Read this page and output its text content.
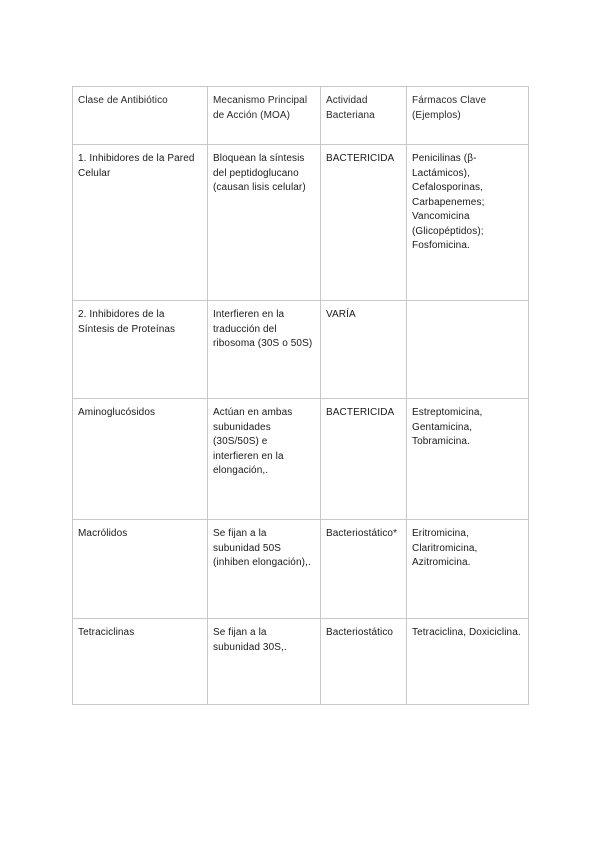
Clase de Antibiótico	Mecanismo Principal de Acción (MOA)	Actividad Bacteriana	Fármacos Clave (Ejemplos)
1. Inhibidores de la Pared Celular	Bloquean la síntesis del peptidoglucano (causan lisis celular)	BACTERICIDA	Penicilinas (β-Lactámicos), Cefalosporinas, Carbapenemes; Vancomicina (Glicopéptidos); Fosfomicina.
2. Inhibidores de la Síntesis de Proteínas	Interfieren en la traducción del ribosoma (30S o 50S)	VARÍA	
Aminoglucósidos	Actúan en ambas subunidades (30S/50S) e interfieren en la elongación,.	BACTERICIDA	Estreptomicina, Gentamicina, Tobramicina.
Macrólidos	Se fijan a la subunidad 50S (inhiben elongación),.	Bacteriostático*	Eritromicina, Claritromicina, Azitromicina.
Tetraciclinas	Se fijan a la subunidad 30S,.	Bacteriostático	Tetraciclina, Doxiciclina.
